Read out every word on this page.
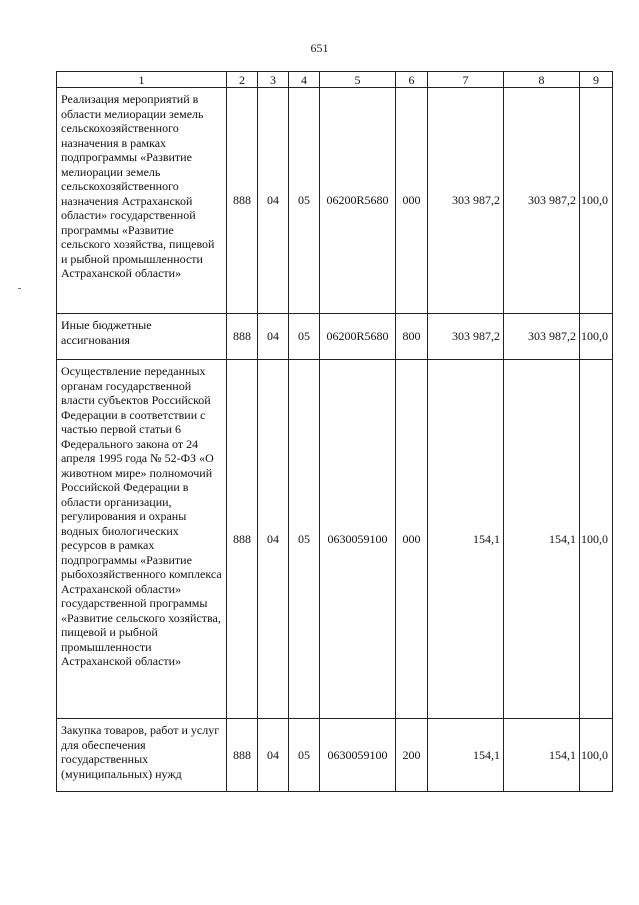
651
1	2	3	4	5	6	7	8	9
Реализация мероприятий в области мелиорации земель сельскохозяйственного назначения в рамках подпрограммы «Развитие мелиорации земель сельскохозяйственного назначения Астраханской области» государственной программы «Развитие сельского хозяйства, пищевой и рыбной промышленности Астраханской области»	888	04	05	06200R5680	000	303 987,2	303 987,2	100,0
Иные бюджетные ассигнования	888	04	05	06200R5680	800	303 987,2	303 987,2	100,0
Осуществление переданных органам государственной власти субъектов Российской Федерации в соответствии с частью первой статьи 6 Федерального закона от 24 апреля 1995 года № 52-ФЗ «О животном мире» полномочий Российской Федерации в области организации, регулирования и охраны водных биологических ресурсов в рамках подпрограммы «Развитие рыбохозяйственного комплекса Астраханской области» государственной программы «Развитие сельского хозяйства, пищевой и рыбной промышленности Астраханской области»	888	04	05	0630059100	000	154,1	154,1	100,0
Закупка товаров, работ и услуг для обеспечения государственных (муниципальных) нужд	888	04	05	0630059100	200	154,1	154,1	100,0
